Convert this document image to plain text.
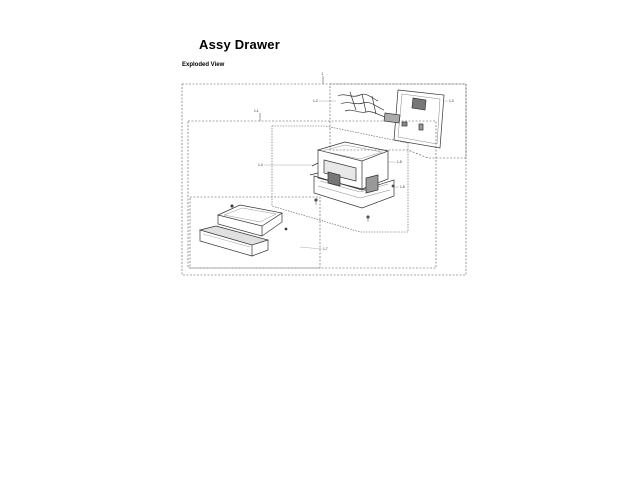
Assy Drawer
Exploded View
1
1-1
1-2	1-3
1-4
1-5
1-6
1-7
